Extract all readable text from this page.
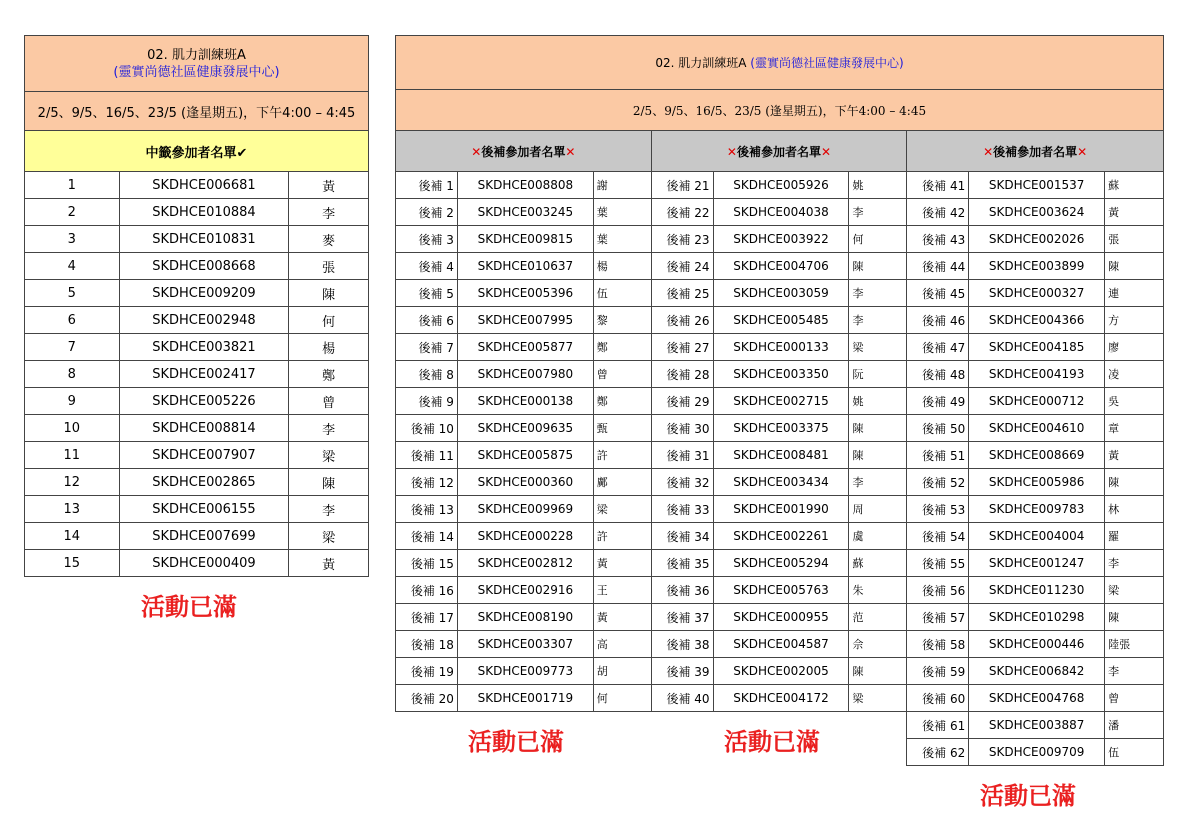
02. 肌力訓練班A
(靈實尚德社區健康發展中心)		

2/5、9/5、16/5、23/5 (逢星期五)，下午4:00 – 4:45		
中籤參加者名單✔		
1	SKDHCE006681	黃
2	SKDHCE010884	李
3	SKDHCE010831	麥
4	SKDHCE008668	張
5	SKDHCE009209	陳
6	SKDHCE002948	何
7	SKDHCE003821	楊
8	SKDHCE002417	鄭
9	SKDHCE005226	曾
10	SKDHCE008814	李
11	SKDHCE007907	梁
12	SKDHCE002865	陳
13	SKDHCE006155	李
14	SKDHCE007699	梁
15	SKDHCE000409	黃
活動已滿
02. 肌力訓練班A (靈實尚德社區健康發展中心)								
2/5、9/5、16/5、23/5 (逢星期五)，下午4:00 – 4:45								
✕後補參加者名單✕			✕後補參加者名單✕			✕後補參加者名單✕		
後補 1	SKDHCE008808	謝	後補 21	SKDHCE005926	姚	後補 41	SKDHCE001537	蘇
後補 2	SKDHCE003245	葉	後補 22	SKDHCE004038	李	後補 42	SKDHCE003624	黃
後補 3	SKDHCE009815	葉	後補 23	SKDHCE003922	何	後補 43	SKDHCE002026	張
後補 4	SKDHCE010637	楊	後補 24	SKDHCE004706	陳	後補 44	SKDHCE003899	陳
後補 5	SKDHCE005396	伍	後補 25	SKDHCE003059	李	後補 45	SKDHCE000327	連
後補 6	SKDHCE007995	黎	後補 26	SKDHCE005485	李	後補 46	SKDHCE004366	方
後補 7	SKDHCE005877	鄭	後補 27	SKDHCE000133	梁	後補 47	SKDHCE004185	廖
後補 8	SKDHCE007980	曾	後補 28	SKDHCE003350	阮	後補 48	SKDHCE004193	凌
後補 9	SKDHCE000138	鄭	後補 29	SKDHCE002715	姚	後補 49	SKDHCE000712	吳
後補 10	SKDHCE009635	甄	後補 30	SKDHCE003375	陳	後補 50	SKDHCE004610	章
後補 11	SKDHCE005875	許	後補 31	SKDHCE008481	陳	後補 51	SKDHCE008669	黃
後補 12	SKDHCE000360	鄺	後補 32	SKDHCE003434	李	後補 52	SKDHCE005986	陳
後補 13	SKDHCE009969	梁	後補 33	SKDHCE001990	周	後補 53	SKDHCE009783	林
後補 14	SKDHCE000228	許	後補 34	SKDHCE002261	虞	後補 54	SKDHCE004004	羅
後補 15	SKDHCE002812	黃	後補 35	SKDHCE005294	蘇	後補 55	SKDHCE001247	李
後補 16	SKDHCE002916	王	後補 36	SKDHCE005763	朱	後補 56	SKDHCE011230	梁
後補 17	SKDHCE008190	黃	後補 37	SKDHCE000955	范	後補 57	SKDHCE010298	陳
後補 18	SKDHCE003307	高	後補 38	SKDHCE004587	佘	後補 58	SKDHCE000446	陸張
後補 19	SKDHCE009773	胡	後補 39	SKDHCE002005	陳	後補 59	SKDHCE006842	李
後補 20	SKDHCE001719	何	後補 40	SKDHCE004172	梁	後補 60	SKDHCE004768	曾
						後補 61	SKDHCE003887	潘
						後補 62	SKDHCE009709	伍
活動已滿	活動已滿
活動已滿
